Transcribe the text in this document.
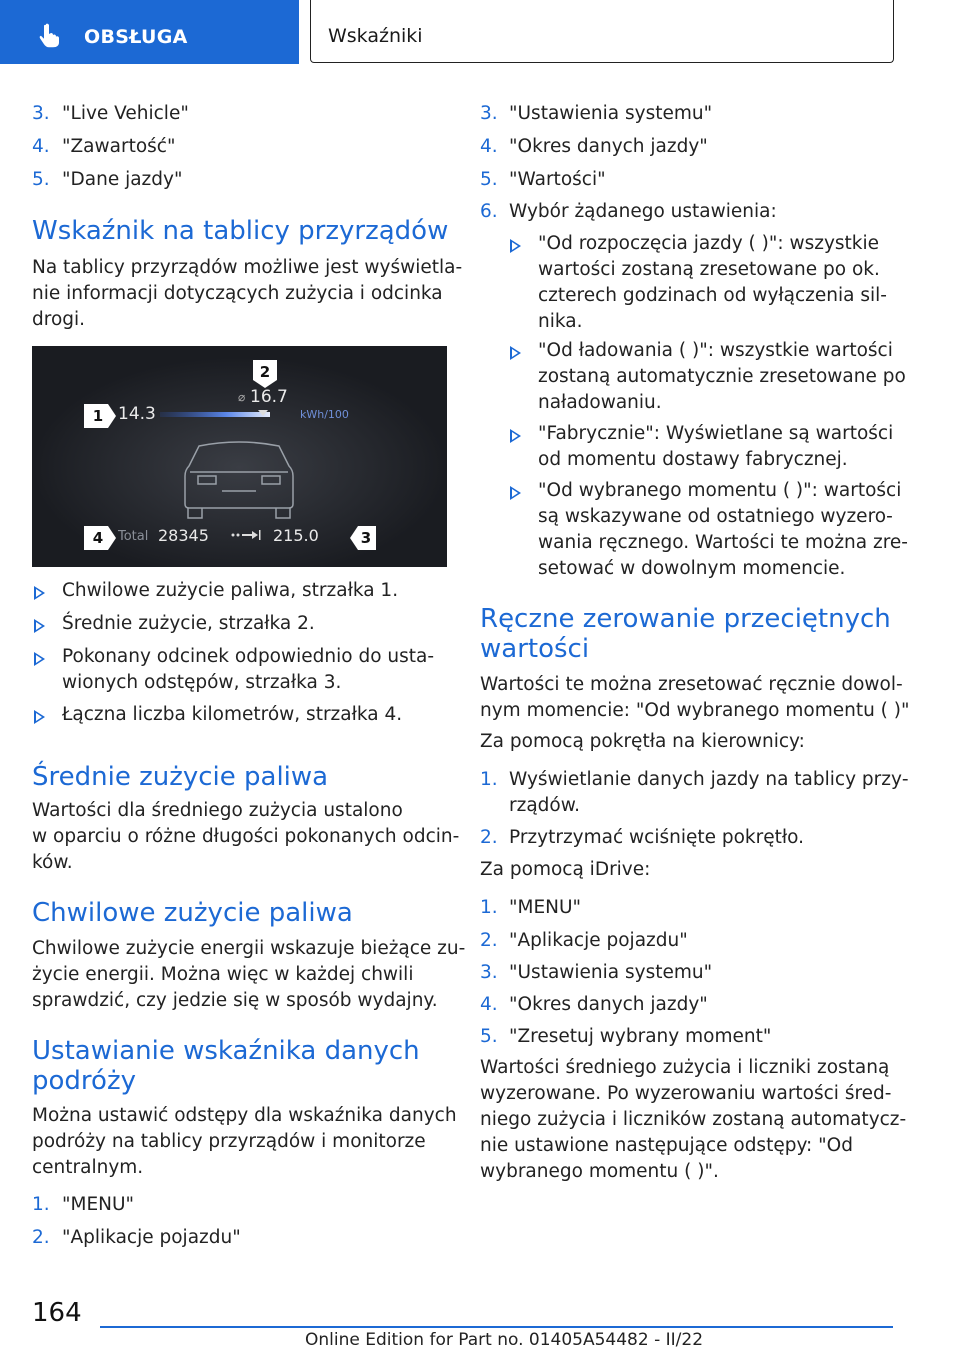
OBSŁUGA	Wskaźniki
3. "Live Vehicle"
4. "Zawartość"
5. "Dane jazdy"
Wskaźnik na tablicy przyrządów
Na tablicy przyrządów możliwe jest wyświetla‐
nie informacji dotyczących zużycia i odcinka
drogi.
1
2
4	3
14.3
⌀ 16.7
kWh/100
Total 28345	215.0
Chwilowe zużycie paliwa, strzałka 1.
Średnie zużycie, strzałka 2.
Pokonany odcinek odpowiednio do usta‐
wionych odstępów, strzałka 3.
Łączna liczba kilometrów, strzałka 4.
Średnie zużycie paliwa
Wartości dla średniego zużycia ustalono
w oparciu o różne długości pokonanych odcin‐
ków.
Chwilowe zużycie paliwa
Chwilowe zużycie energii wskazuje bieżące zu‐
życie energii. Można więc w każdej chwili
sprawdzić, czy jedzie się w sposób wydajny.
Ustawianie wskaźnika danych
podróży
Można ustawić odstępy dla wskaźnika danych
podróży na tablicy przyrządów i monitorze
centralnym.
1. "MENU"
2. "Aplikacje pojazdu"
3. "Ustawienia systemu"
4. "Okres danych jazdy"
5. "Wartości"
6. Wybór żądanego ustawienia:
"Od rozpoczęcia jazdy ( )": wszystkie
wartości zostaną zresetowane po ok.
czterech godzinach od wyłączenia sil‐
nika.
"Od ładowania ( )": wszystkie wartości
zostaną automatycznie zresetowane po
naładowaniu.
"Fabrycznie": Wyświetlane są wartości
od momentu dostawy fabrycznej.
"Od wybranego momentu ( )": wartości
są wskazywane od ostatniego wyzero‐
wania ręcznego. Wartości te można zre‐
setować w dowolnym momencie.
Ręczne zerowanie przeciętnych
wartości
Wartości te można zresetować ręcznie dowol‐
nym momencie: "Od wybranego momentu ( )"
Za pomocą pokrętła na kierownicy:
1. Wyświetlanie danych jazdy na tablicy przy‐
rządów.
2. Przytrzymać wciśnięte pokrętło.
Za pomocą iDrive:
1. "MENU"
2. "Aplikacje pojazdu"
3. "Ustawienia systemu"
4. "Okres danych jazdy"
5. "Zresetuj wybrany moment"
Wartości średniego zużycia i liczniki zostaną
wyzerowane. Po wyzerowaniu wartości śred‐
niego zużycia i liczników zostaną automatycz‐
nie ustawione następujące odstępy: "Od
wybranego momentu ( )".
164
Online Edition for Part no. 01405A54482 - II/22
